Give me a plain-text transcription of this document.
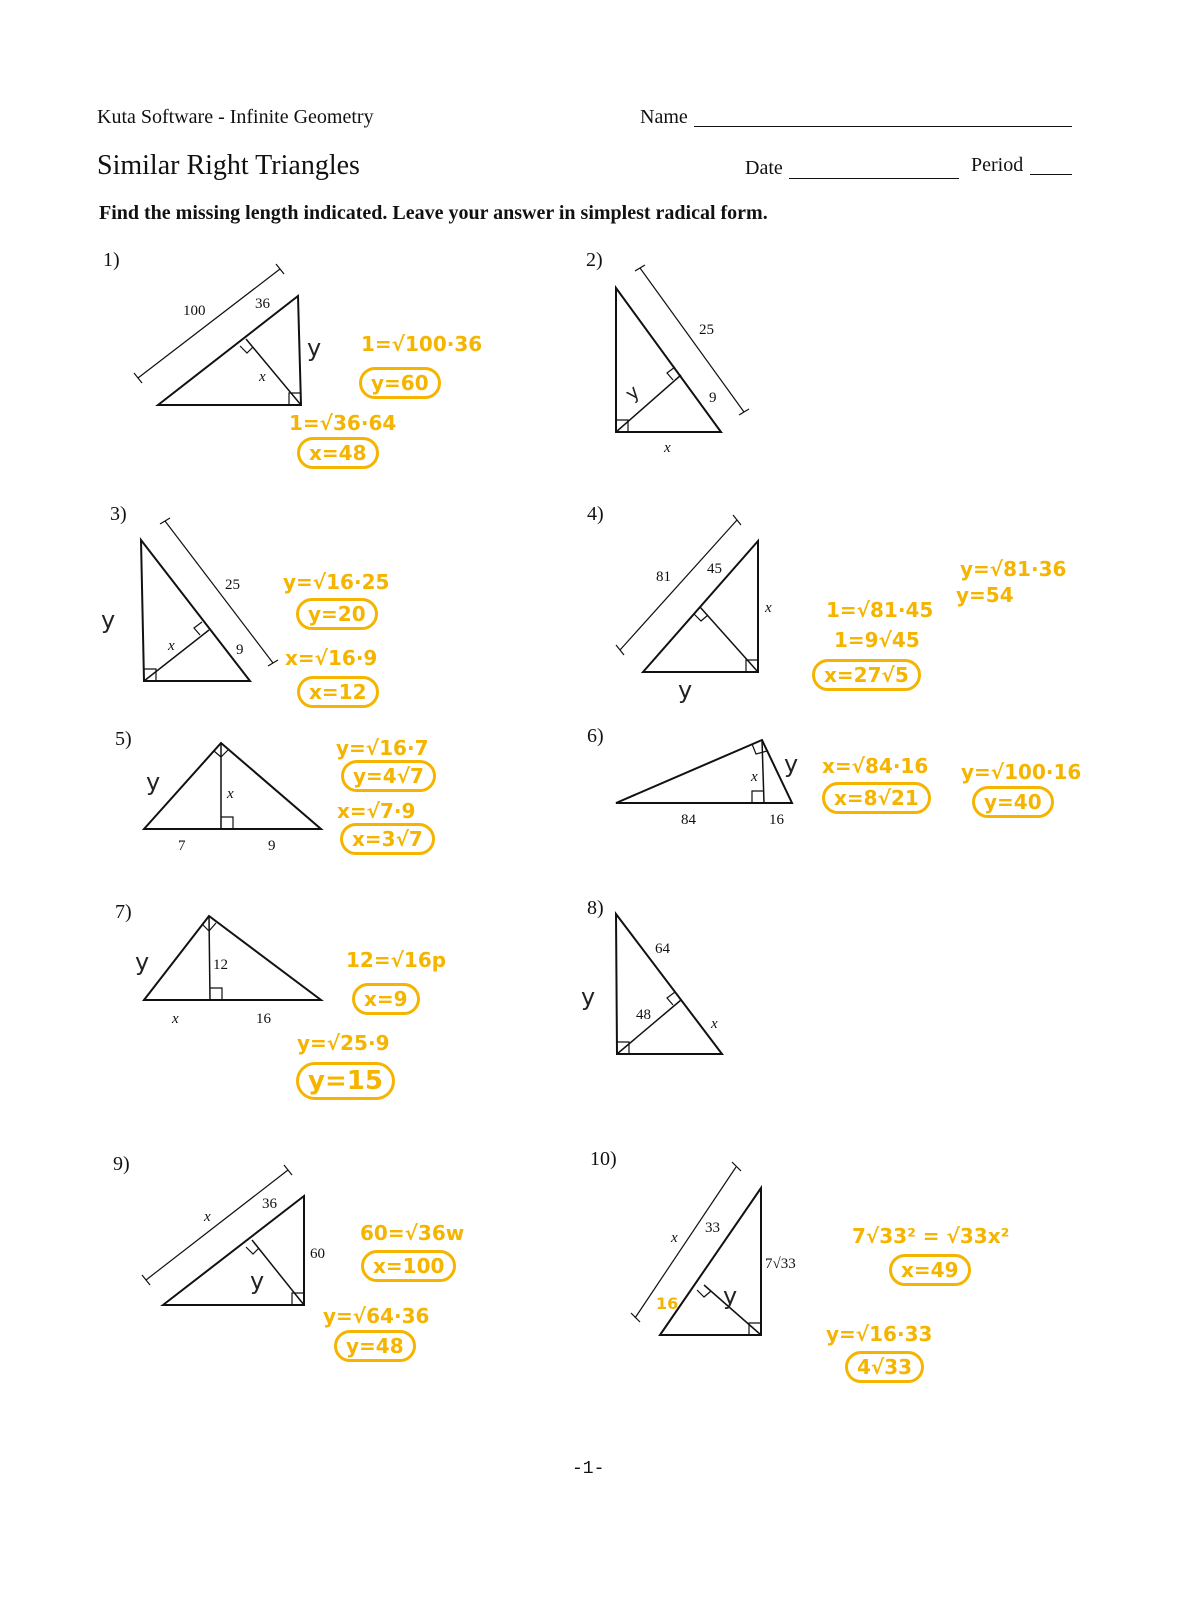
Kuta Software - Infinite Geometry	Name
Similar Right Triangles	Date	Period
Find the missing length indicated. Leave your answer in simplest radical form.
1)
100	36
x
y 1=√100·36
y=60
1=√36·64
x=48
2)
25
9
x
y
3)
25
9
x
y
y=√16·25
y=20
x=√16·9
x=12
4)
81 45
x
y
1=√81·45
1=9√45
x=27√5
y=√81·36
y=54
5)
7	9
x
y
y=√16·7
y=4√7
x=√7·9
x=3√7
6)
84	16
x y x=√84·16
x=8√21
y=√100·16
y=40
7)
12
x	16
y	12=√16p
x=9
y=√25·9
y=15
8)
64
48
x
y
9)
x
36
60
y
60=√36w
x=100
y=√64·36
y=48
10)
x
33
7√33
y
16
7√33² = √33x²
x=49
y=√16·33
4√33
-1-
